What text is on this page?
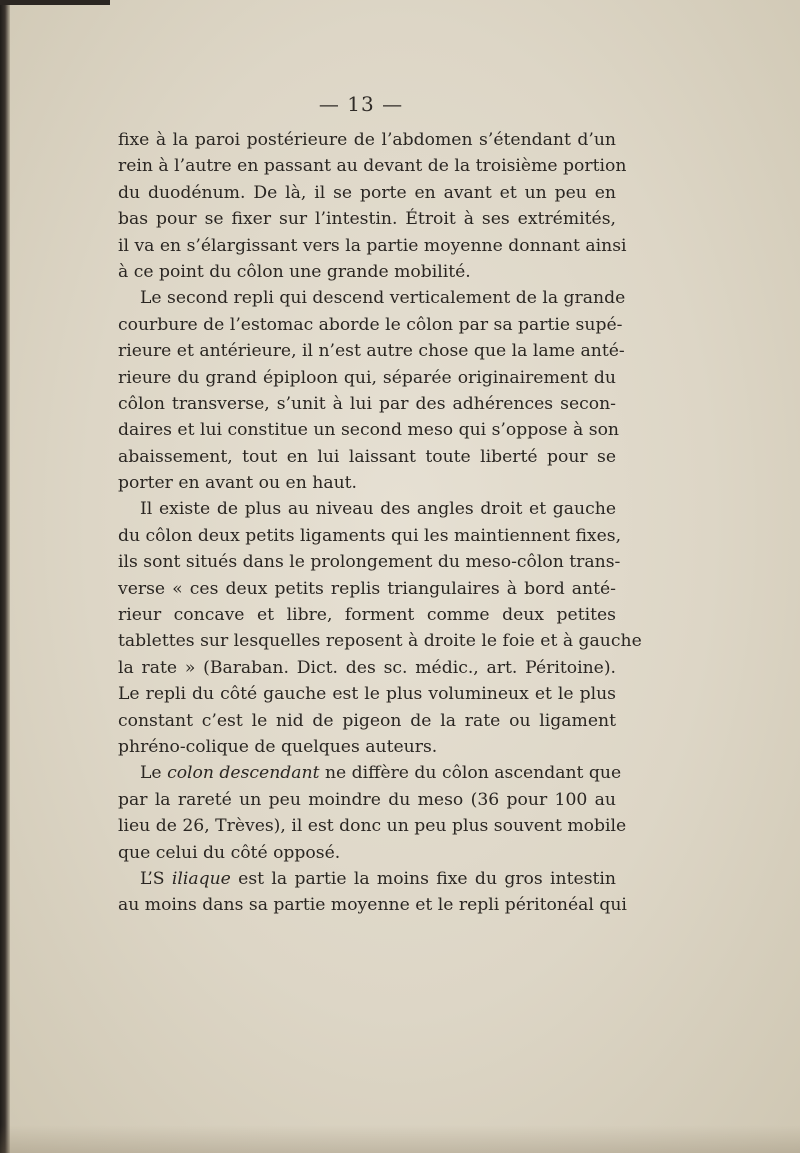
— 13 —
fixe à la paroi postérieure de l’abdomen s’étendant d’un
rein à l’autre en passant au devant de la troisième portion
du duodénum. De là, il se porte en avant et un peu en
bas pour se fixer sur l’intestin. Étroit à ses extrémités,
il va en s’élargissant vers la partie moyenne donnant ainsi
à ce point du côlon une grande mobilité.
Le second repli qui descend verticalement de la grande
courbure de l’estomac aborde le côlon par sa partie supé-
rieure et antérieure, il n’est autre chose que la lame anté-
rieure du grand épiploon qui, séparée originairement du
côlon transverse, s’unit à lui par des adhérences secon-
daires et lui constitue un second meso qui s’oppose à son
abaissement, tout en lui laissant toute liberté pour se
porter en avant ou en haut.
Il existe de plus au niveau des angles droit et gauche
du côlon deux petits ligaments qui les maintiennent fixes,
ils sont situés dans le prolongement du meso-côlon trans-
verse « ces deux petits replis triangulaires à bord anté-
rieur concave et libre, forment comme deux petites
tablettes sur lesquelles reposent à droite le foie et à gauche
la rate » (Baraban. Dict. des sc. médic., art. Péritoine).
Le repli du côté gauche est le plus volumineux et le plus
constant c’est le nid de pigeon de la rate ou ligament
phréno-colique de quelques auteurs.
Le colon descendant ne diffère du côlon ascendant que
par la rareté un peu moindre du meso (36 pour 100 au
lieu de 26, Trèves), il est donc un peu plus souvent mobile
que celui du côté opposé.
L’S iliaque est la partie la moins fixe du gros intestin
au moins dans sa partie moyenne et le repli péritonéal qui
